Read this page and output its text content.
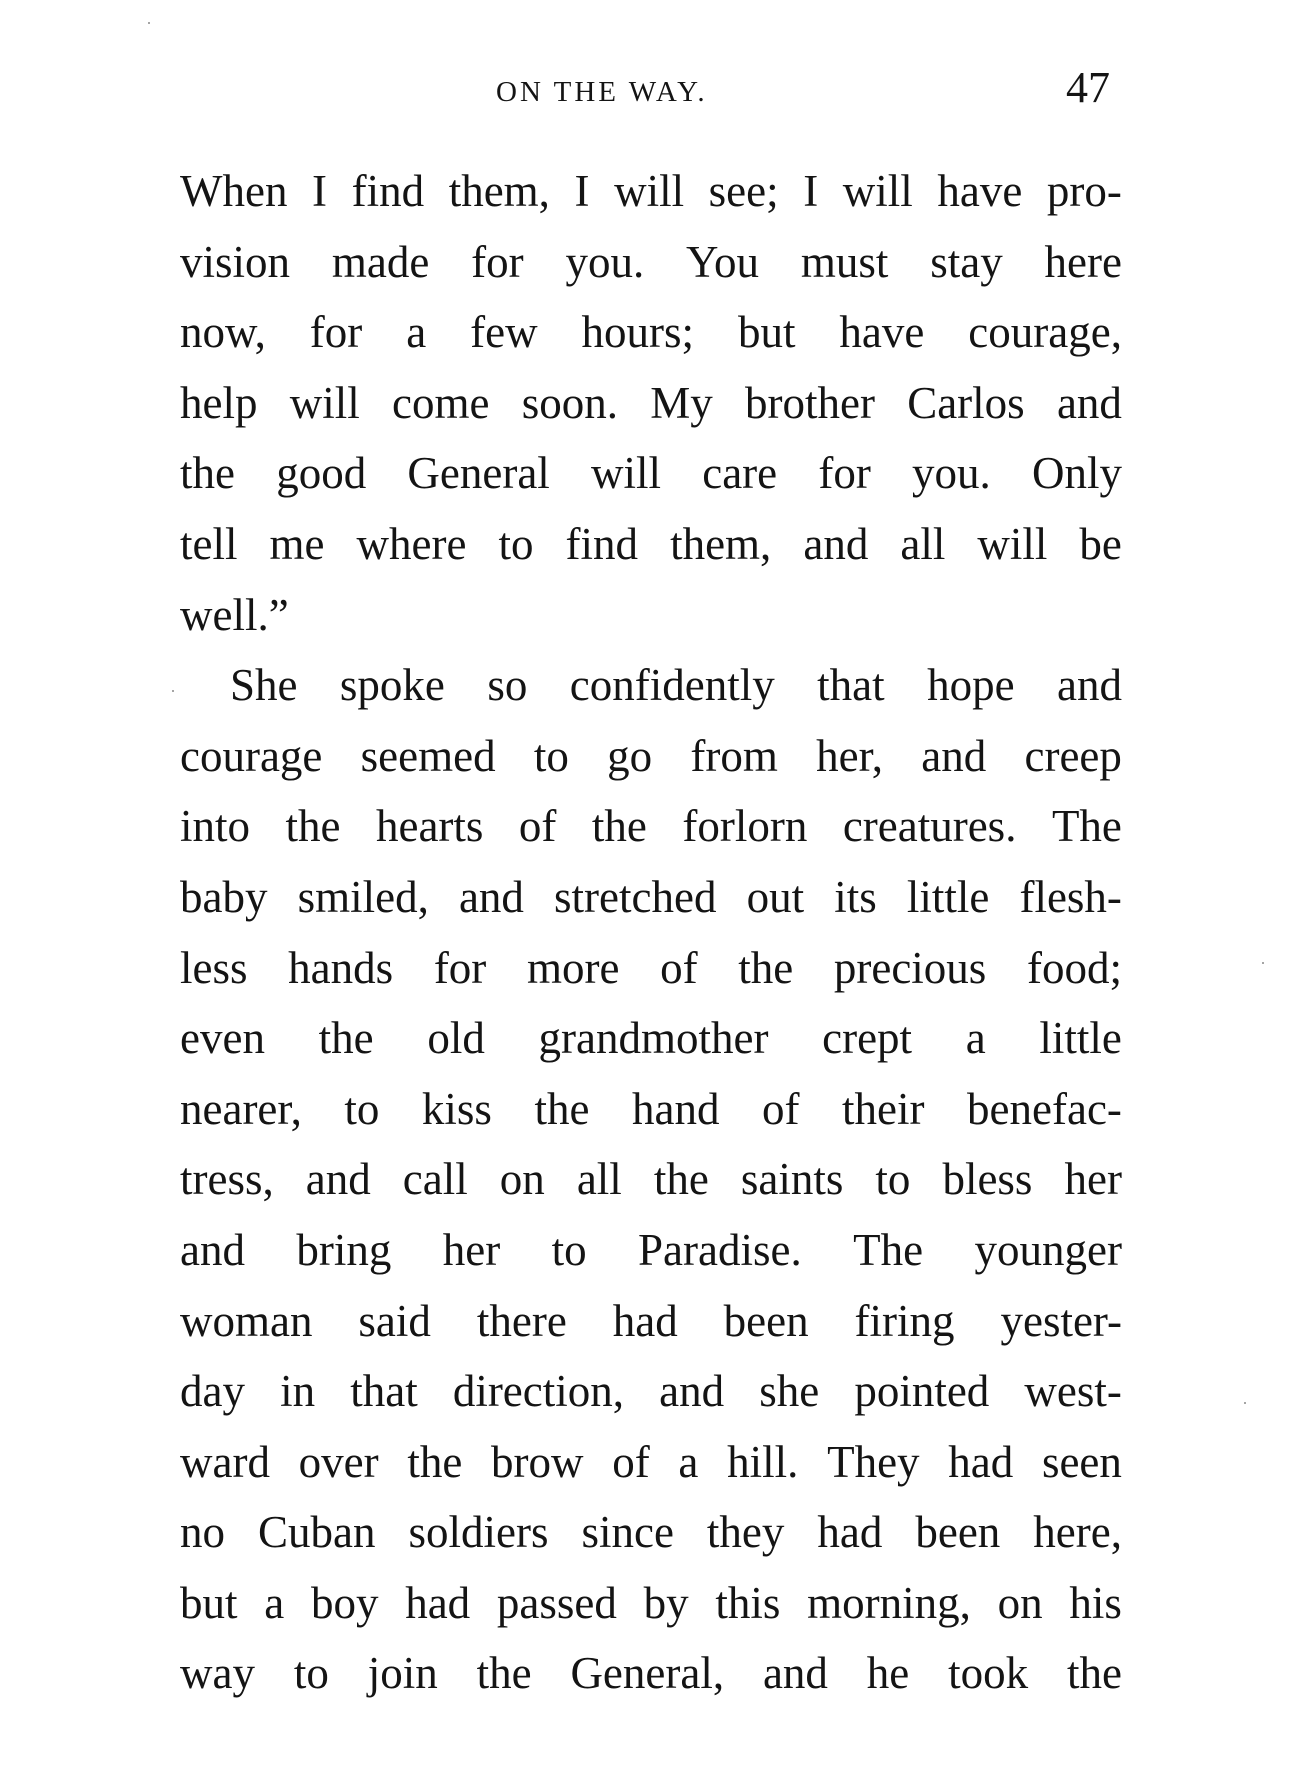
ON THE WAY.	47
When I find them, I will see; I will have pro-
vision made for you. You must stay here
now, for a few hours; but have courage,
help will come soon. My brother Carlos and
the good General will care for you. Only
tell me where to find them, and all will be
well.”
She spoke so confidently that hope and
courage seemed to go from her, and creep
into the hearts of the forlorn creatures. The
baby smiled, and stretched out its little flesh-
less hands for more of the precious food;
even the old grandmother crept a little
nearer, to kiss the hand of their benefac-
tress, and call on all the saints to bless her
and bring her to Paradise. The younger
woman said there had been firing yester-
day in that direction, and she pointed west-
ward over the brow of a hill. They had seen
no Cuban soldiers since they had been here,
but a boy had passed by this morning, on his
way to join the General, and he took the
